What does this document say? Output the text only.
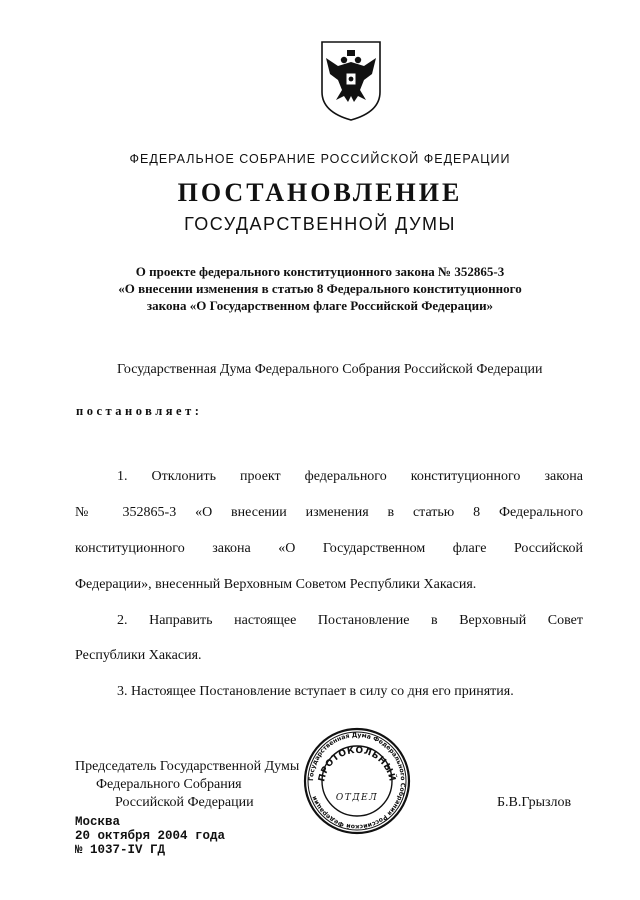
ФЕДЕРАЛЬНОЕ СОБРАНИЕ РОССИЙСКОЙ ФЕДЕРАЦИИ
ПОСТАНОВЛЕНИЕ
ГОСУДАРСТВЕННОЙ ДУМЫ
О проекте федерального конституционного закона № 352865-3
«О внесении изменения в статью 8 Федерального конституционного
закона «О Государственном флаге Российской Федерации»
Государственная Дума Федерального Собрания Российской Федерации
постановляет:
1. Отклонить проект федерального конституционного закона
№ 352865-3 «О внесении изменения в статью 8 Федерального
конституционного закона «О Государственном флаге Российской
Федерации», внесенный Верховным Советом Республики Хакасия.
2. Направить настоящее Постановление в Верховный Совет
Республики Хакасия.
3. Настоящее Постановление вступает в силу со дня его принятия.
Председатель Государственной Думы
Федерального Собрания
Российской Федерации	Б.В.Грызлов
Москва
20 октября 2004 года
№ 1037-IV ГД
Государственная Дума Федерального Собрания Российской Федерации
ПРОТОКОЛЬНЫЙ
ОТДЕЛ
